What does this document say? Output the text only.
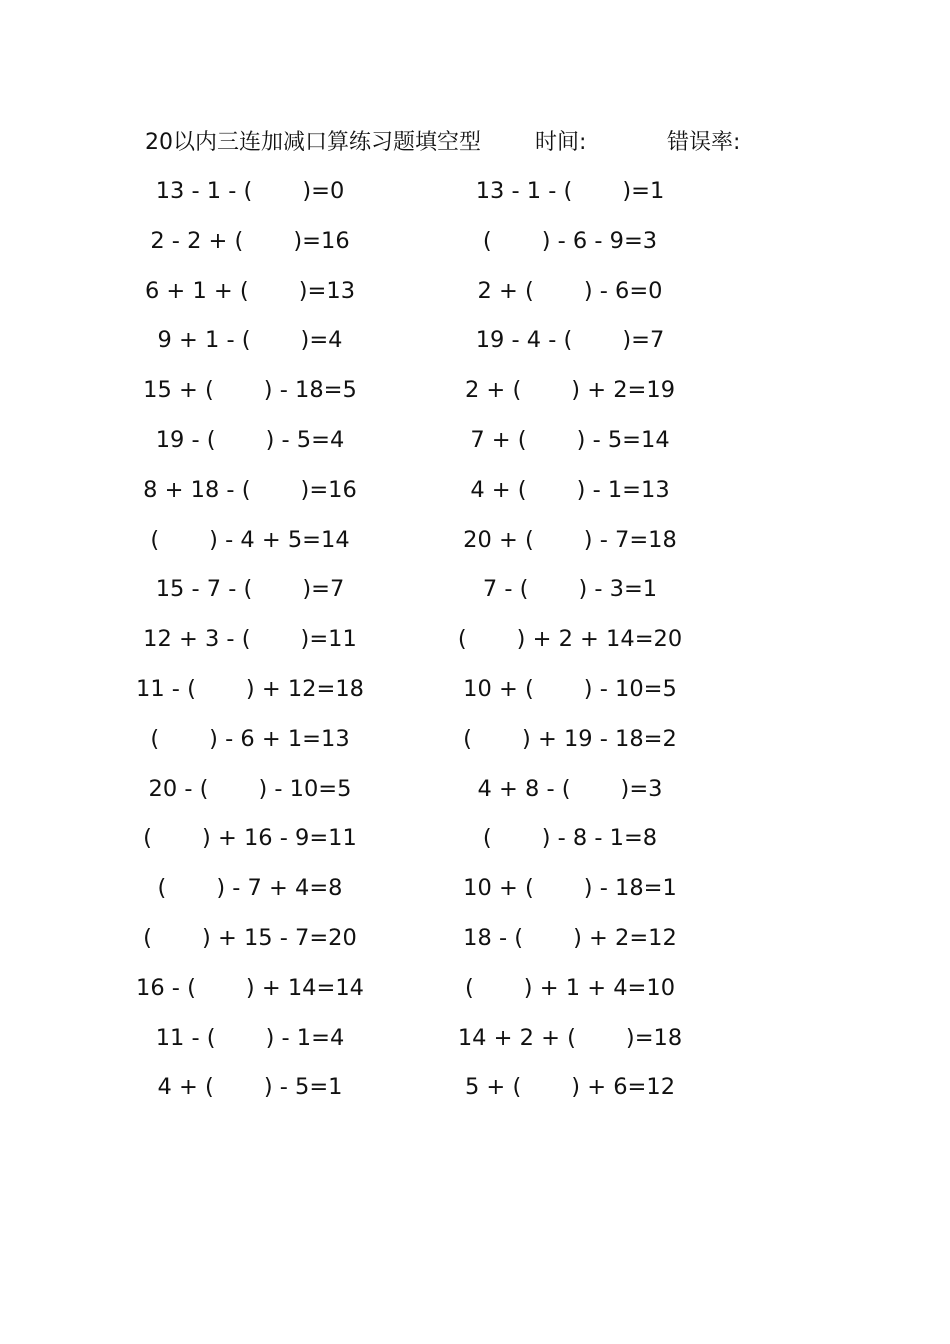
20以内三连加减口算练习题填空型 时间:	错误率:
13 - 1 - (       )=0
2 - 2 + (       )=16
6 + 1 + (       )=13
9 + 1 - (       )=4
15 + (       ) - 18=5
19 - (       ) - 5=4
8 + 18 - (       )=16
(       ) - 4 + 5=14
15 - 7 - (       )=7
12 + 3 - (       )=11
11 - (       ) + 12=18
(       ) - 6 + 1=13
20 - (       ) - 10=5
(       ) + 16 - 9=11
(       ) - 7 + 4=8
(       ) + 15 - 7=20
16 - (       ) + 14=14
11 - (       ) - 1=4
4 + (       ) - 5=1
13 - 1 - (       )=1
(       ) - 6 - 9=3
2 + (       ) - 6=0
19 - 4 - (       )=7
2 + (       ) + 2=19
7 + (       ) - 5=14
4 + (       ) - 1=13
20 + (       ) - 7=18
7 - (       ) - 3=1
(       ) + 2 + 14=20
10 + (       ) - 10=5
(       ) + 19 - 18=2
4 + 8 - (       )=3
(       ) - 8 - 1=8
10 + (       ) - 18=1
18 - (       ) + 2=12
(       ) + 1 + 4=10
14 + 2 + (       )=18
5 + (       ) + 6=12
